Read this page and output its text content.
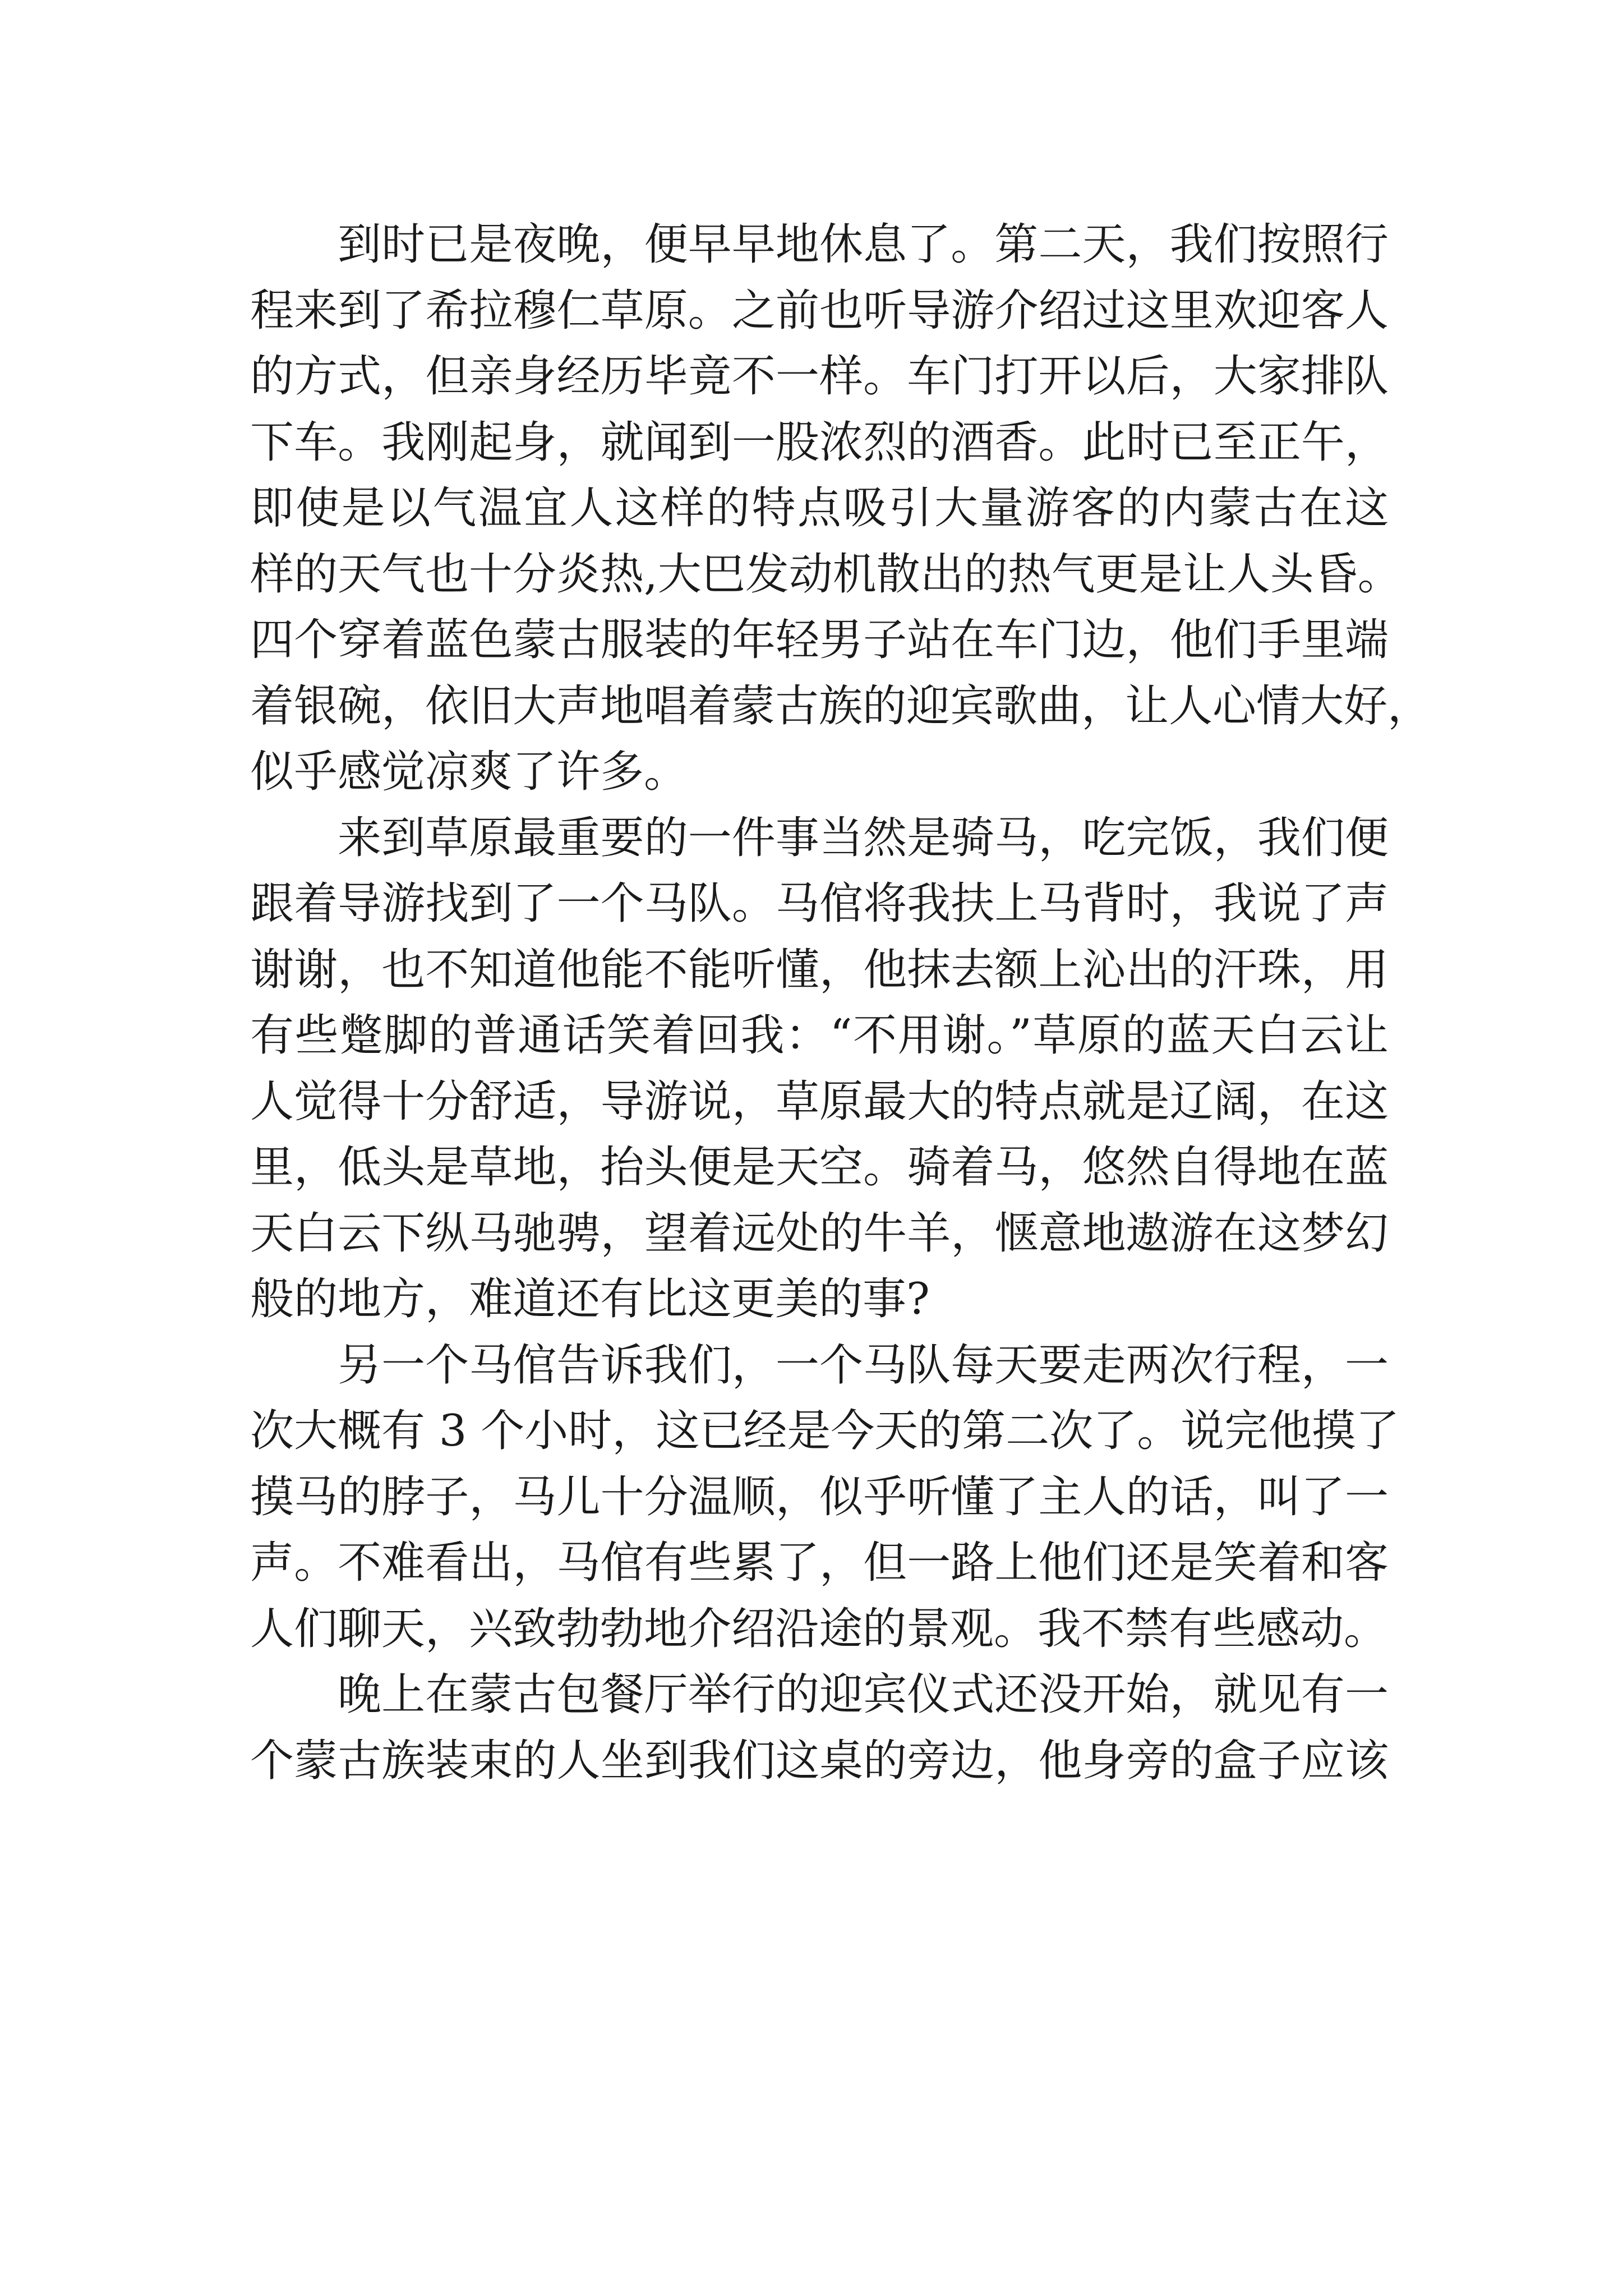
到时已是夜晚，便早早地休息了。第二天，我们按照行
程来到了希拉穆仁草原。之前也听导游介绍过这里欢迎客人
的方式，但亲身经历毕竟不一样。车门打开以后，大家排队
下车。我刚起身，就闻到一股浓烈的酒香。此时已至正午，
即使是以气温宜人这样的特点吸引大量游客的内蒙古在这
样的天气也十分炎热,大巴发动机散出的热气更是让人头昏。
四个穿着蓝色蒙古服装的年轻男子站在车门边，他们手里端
着银碗，依旧大声地唱着蒙古族的迎宾歌曲，让人心情大好，
似乎感觉凉爽了许多。
来到草原最重要的一件事当然是骑马，吃完饭，我们便
跟着导游找到了一个马队。马倌将我扶上马背时，我说了声
谢谢，也不知道他能不能听懂，他抹去额上沁出的汗珠，用
有些蹩脚的普通话笑着回我：“不用谢。”草原的蓝天白云让
人觉得十分舒适，导游说，草原最大的特点就是辽阔，在这
里，低头是草地，抬头便是天空。骑着马，悠然自得地在蓝
天白云下纵马驰骋，望着远处的牛羊，惬意地遨游在这梦幻
般的地方，难道还有比这更美的事?
另一个马倌告诉我们，一个马队每天要走两次行程，一
次大概有 3 个小时，这已经是今天的第二次了。说完他摸了
摸马的脖子，马儿十分温顺，似乎听懂了主人的话，叫了一
声。不难看出，马倌有些累了，但一路上他们还是笑着和客
人们聊天，兴致勃勃地介绍沿途的景观。我不禁有些感动。
晚上在蒙古包餐厅举行的迎宾仪式还没开始，就见有一
个蒙古族装束的人坐到我们这桌的旁边，他身旁的盒子应该
